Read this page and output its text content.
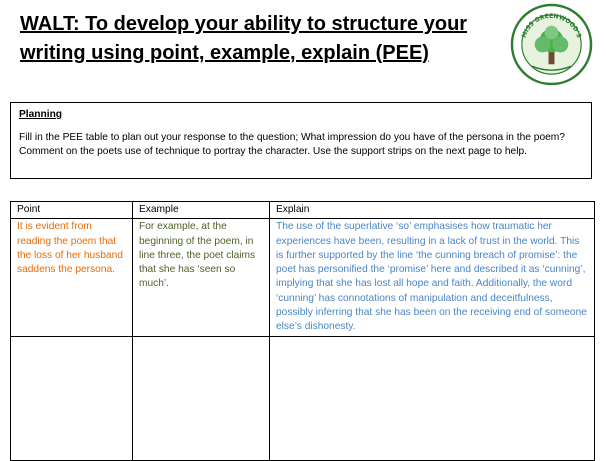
WALT: To develop your ability to structure your writing using point, example, explain (PEE)
MISS GREENWOOD'S
Planning
Fill in the PEE table to plan out your response to the question; What impression do you have of the persona in the poem? Comment on the poets use of technique to portray the character. Use the support strips on the next page to help.
Point	Example	Explain
It is evident from reading the poem that the loss of her husband saddens the persona.	For example, at the beginning of the poem, in line three, the poet claims that she has ‘seen so much’.	The use of the superlative ‘so’ emphasises how traumatic her experiences have been, resulting in a lack of trust in the world. This is further supported by the line ‘the cunning breach of promise’: the poet has personified the ‘promise’ here and described it as ‘cunning’, implying that she has lost all hope and faith. Additionally, the word ‘cunning’ has connotations of manipulation and deceitfulness, possibly inferring that she has been on the receiving end of someone else’s dishonesty.
